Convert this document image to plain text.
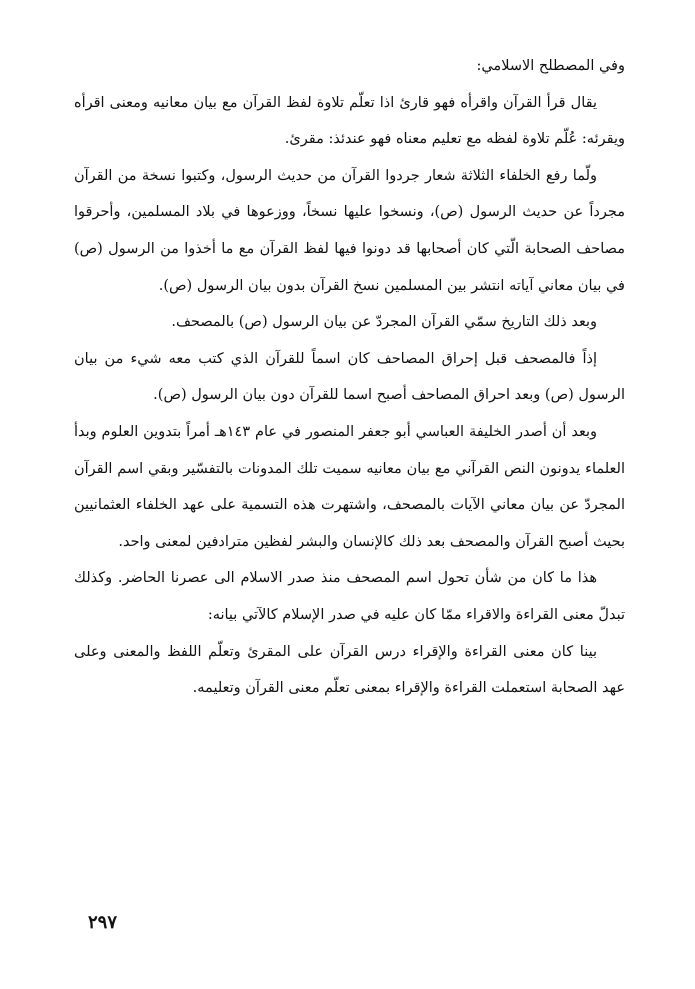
وفي المصطلح الاسلامي:

يقال قرأ القرآن واقرأه فهو قارئ اذا تعلّم تلاوة لفظ القرآن مع بيان معانيه ومعنى اقرأه ويقرئه: عُلّم تلاوة لفظه مع تعليم معناه فهو عندئذ: مقرئ.

ولّما رفع الخلفاء الثلاثة شعار جردوا القرآن من حديث الرسول، وكتبوا نسخة من القرآن مجرداً عن حديث الرسول (ص)، ونسخوا عليها نسخاً، ووزعوها في بلاد المسلمين، وأحرقوا مصاحف الصحابة الّتي كان أصحابها قد دونوا فيها لفظ القرآن مع ما أخذوا من الرسول (ص) في بيان معاني آياته انتشر بين المسلمين نسخ القرآن بدون بيان الرسول (ص).

وبعد ذلك التاريخ سمّي القرآن المجردّ عن بيان الرسول (ص) بالمصحف.

إذاً فالمصحف قبل إحراق المصاحف كان اسماً للقرآن الذي كتب معه شيء من بيان الرسول (ص) وبعد احراق المصاحف أصبح اسما للقرآن دون بيان الرسول (ص).

وبعد أن أصدر الخليفة العباسي أبو جعفر المنصور في عام ١٤٣هـ أمراً بتدوين العلوم وبدأ العلماء يدونون النص القرآني مع بيان معانيه سميت تلك المدونات بالتفسّير وبقي اسم القرآن المجردّ عن بيان معاني الآيات بالمصحف، واشتهرت هذه التسمية على عهد الخلفاء العثمانيين بحيث أصبح القرآن والمصحف بعد ذلك كالإنسان والبشر لفظين مترادفين لمعنى واحد.

هذا ما كان من شأن تحول اسم المصحف منذ صدر الاسلام الى عصرنا الحاضر. وكذلك تبدلّ معنى القراءة والاقراء ممّا كان عليه في صدر الإسلام كالآتي بيانه:

بينا كان معنى القراءة والإقراء درس القرآن على المقرئ وتعلّم اللفظ والمعنى وعلى عهد الصحابة استعملت القراءة والإقراء بمعنى تعلّم معنى القرآن وتعليمه.

٢٩٧
